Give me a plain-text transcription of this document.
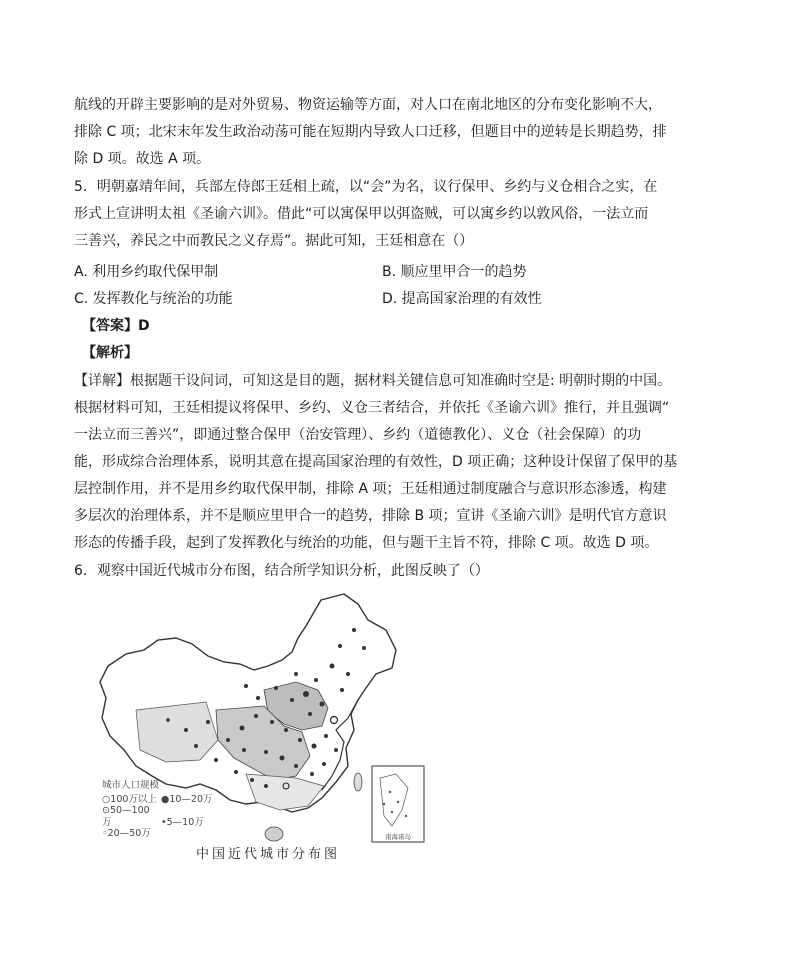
航线的开辟主要影响的是对外贸易、物资运输等方面，对人口在南北地区的分布变化影响不大，
排除 C 项；北宋末年发生政治动荡可能在短期内导致人口迁移，但题目中的逆转是长期趋势，排
除 D 项。故选 A 项。
5．明朝嘉靖年间，兵部左侍郎王廷相上疏，以“会”为名，议行保甲、乡约与义仓相合之实，在
形式上宣讲明太祖《圣谕六训》。借此“可以寓保甲以弭盗贼，可以寓乡约以敦风俗，一法立而
三善兴，养民之中而教民之义存焉”。据此可知，王廷相意在（）
A. 利用乡约取代保甲制	B. 顺应里甲合一的趋势
C. 发挥教化与统治的功能	D. 提高国家治理的有效性
【答案】D
【解析】
【详解】根据题干设问词，可知这是目的题，据材料关键信息可知准确时空是: 明朝时期的中国。
根据材料可知，王廷相提议将保甲、乡约、义仓三者结合，并依托《圣谕六训》推行，并且强调“
一法立而三善兴”，即通过整合保甲（治安管理）、乡约（道德教化）、义仓（社会保障）的功
能，形成综合治理体系，说明其意在提高国家治理的有效性，D 项正确；这种设计保留了保甲的基
层控制作用，并不是用乡约取代保甲制，排除 A 项；王廷相通过制度融合与意识形态渗透，构建
多层次的治理体系，并不是顺应里甲合一的趋势，排除 B 项；宣讲《圣谕六训》是明代官方意识
形态的传播手段，起到了发挥教化与统治的功能，但与题干主旨不符，排除 C 项。故选 D 项。
6．观察中国近代城市分布图，结合所学知识分析，此图反映了（）
南海诸岛
城市人口规模
○100万以上 ●10—20万
⊙50—100万	•5—10万
◦20—50万
中国近代城市分布图
